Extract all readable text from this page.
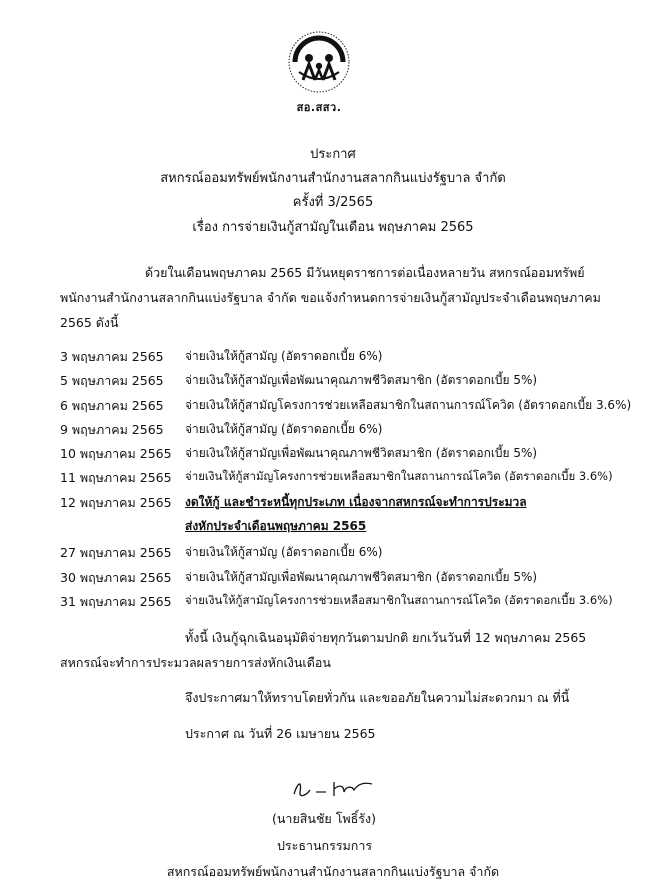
สอ.สสว.
ประกาศ
สหกรณ์ออมทรัพย์พนักงานสำนักงานสลากกินแบ่งรัฐบาล จำกัด
ครั้งที่ 3/2565
เรื่อง การจ่ายเงินกู้สามัญในเดือน พฤษภาคม 2565
ด้วยในเดือนพฤษภาคม 2565 มีวันหยุดราชการต่อเนื่องหลายวัน สหกรณ์ออมทรัพย์
พนักงานสำนักงานสลากกินแบ่งรัฐบาล จำกัด ขอแจ้งกำหนดการจ่ายเงินกู้สามัญประจำเดือนพฤษภาคม
2565 ดังนี้
3 พฤษภาคม 2565 จ่ายเงินให้กู้สามัญ (อัตราดอกเบี้ย 6%)
5 พฤษภาคม 2565 จ่ายเงินให้กู้สามัญเพื่อพัฒนาคุณภาพชีวิตสมาชิก (อัตราดอกเบี้ย 5%)
6 พฤษภาคม 2565 จ่ายเงินให้กู้สามัญโครงการช่วยเหลือสมาชิกในสถานการณ์โควิด (อัตราดอกเบี้ย 3.6%)
9 พฤษภาคม 2565 จ่ายเงินให้กู้สามัญ (อัตราดอกเบี้ย 6%)
10 พฤษภาคม 2565 จ่ายเงินให้กู้สามัญเพื่อพัฒนาคุณภาพชีวิตสมาชิก (อัตราดอกเบี้ย 5%)
11 พฤษภาคม 2565 จ่ายเงินให้กู้สามัญโครงการช่วยเหลือสมาชิกในสถานการณ์โควิด (อัตราดอกเบี้ย 3.6%)
12 พฤษภาคม 2565 งดให้กู้ และชำระหนี้ทุกประเภท เนื่องจากสหกรณ์จะทำการประมวล
ส่งหักประจำเดือนพฤษภาคม 2565
27 พฤษภาคม 2565 จ่ายเงินให้กู้สามัญ (อัตราดอกเบี้ย 6%)
30 พฤษภาคม 2565 จ่ายเงินให้กู้สามัญเพื่อพัฒนาคุณภาพชีวิตสมาชิก (อัตราดอกเบี้ย 5%)
31 พฤษภาคม 2565 จ่ายเงินให้กู้สามัญโครงการช่วยเหลือสมาชิกในสถานการณ์โควิด (อัตราดอกเบี้ย 3.6%)
ทั้งนี้ เงินกู้ฉุกเฉินอนุมัติจ่ายทุกวันตามปกติ ยกเว้นวันที่ 12 พฤษภาคม 2565
สหกรณ์จะทำการประมวลผลรายการส่งหักเงินเดือน
จึงประกาศมาให้ทราบโดยทั่วกัน และขออภัยในความไม่สะดวกมา ณ ที่นี้
ประกาศ ณ วันที่ 26 เมษายน 2565
(นายสินชัย โพธิ์รัง)
ประธานกรรมการ
สหกรณ์ออมทรัพย์พนักงานสำนักงานสลากกินแบ่งรัฐบาล จำกัด
